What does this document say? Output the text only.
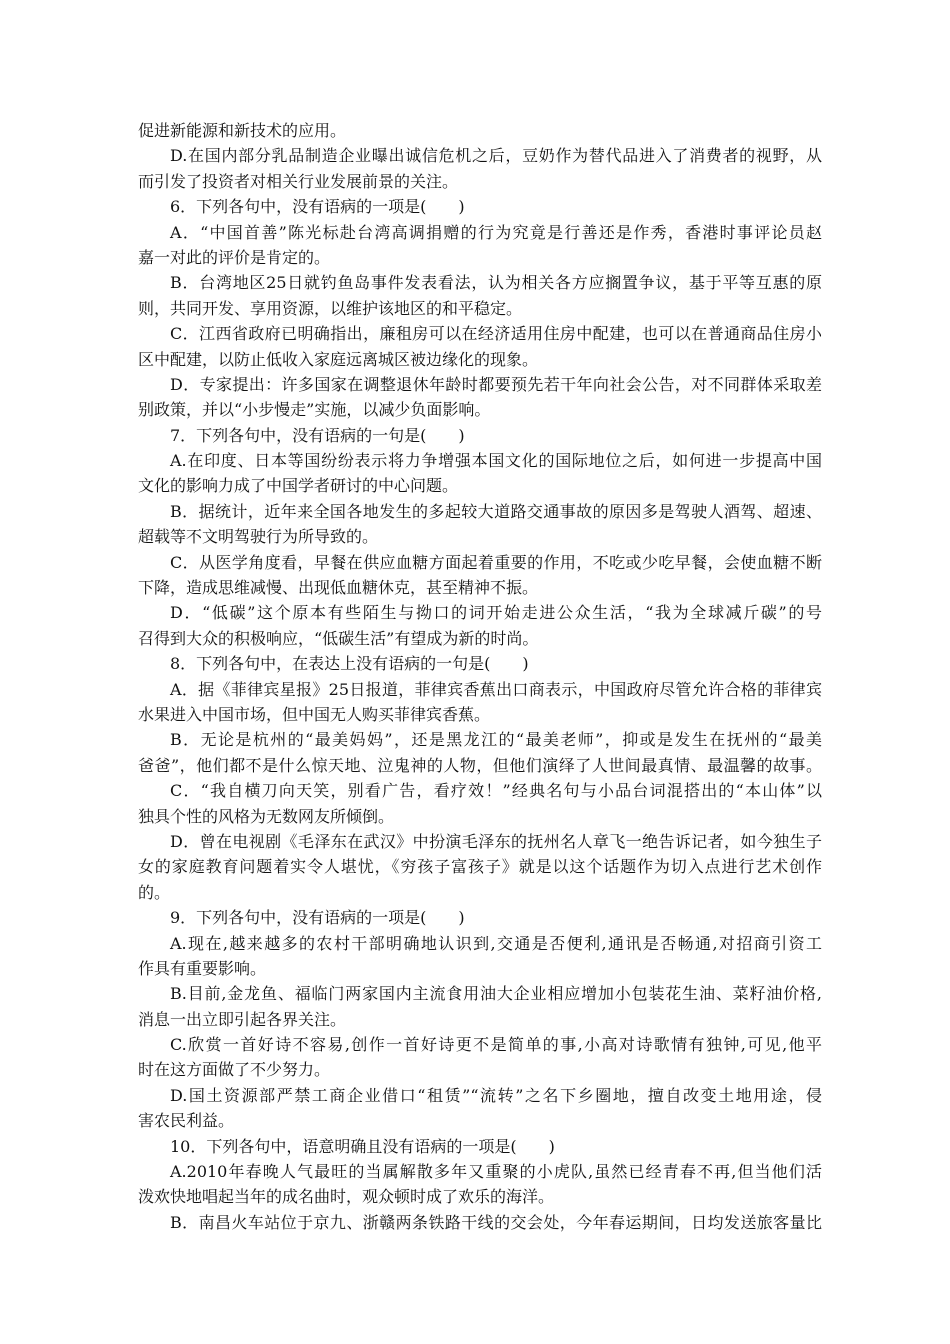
促进新能源和新技术的应用。
D.在国内部分乳品制造企业曝出诚信危机之后，豆奶作为替代品进入了消费者的视野，从
而引发了投资者对相关行业发展前景的关注。
6．下列各句中，没有语病的一项是(　　)
A．“中国首善”陈光标赴台湾高调捐赠的行为究竟是行善还是作秀，香港时事评论员赵
嘉一对此的评价是肯定的。
B．台湾地区25日就钓鱼岛事件发表看法，认为相关各方应搁置争议，基于平等互惠的原
则，共同开发、享用资源，以维护该地区的和平稳定。
C．江西省政府已明确指出，廉租房可以在经济适用住房中配建，也可以在普通商品住房小
区中配建，以防止低收入家庭远离城区被边缘化的现象。
D．专家提出：许多国家在调整退休年龄时都要预先若干年向社会公告，对不同群体采取差
别政策，并以“小步慢走”实施，以减少负面影响。
7．下列各句中，没有语病的一句是(　　)
A.在印度、日本等国纷纷表示将力争增强本国文化的国际地位之后，如何进一步提高中国
文化的影响力成了中国学者研讨的中心问题。
B．据统计，近年来全国各地发生的多起较大道路交通事故的原因多是驾驶人酒驾、超速、
超载等不文明驾驶行为所导致的。
C．从医学角度看，早餐在供应血糖方面起着重要的作用，不吃或少吃早餐，会使血糖不断
下降，造成思维减慢、出现低血糖休克，甚至精神不振。
D．“低碳”这个原本有些陌生与拗口的词开始走进公众生活，“我为全球减斤碳”的号
召得到大众的积极响应，“低碳生活”有望成为新的时尚。
8．下列各句中，在表达上没有语病的一句是(　　)
A．据《菲律宾星报》25日报道，菲律宾香蕉出口商表示，中国政府尽管允许合格的菲律宾
水果进入中国市场，但中国无人购买菲律宾香蕉。
B．无论是杭州的“最美妈妈”，还是黑龙江的“最美老师”，抑或是发生在抚州的“最美
爸爸”，他们都不是什么惊天地、泣鬼神的人物，但他们演绎了人世间最真情、最温馨的故事。
C．“我自横刀向天笑，别看广告，看疗效！”经典名句与小品台词混搭出的“本山体”以
独具个性的风格为无数网友所倾倒。
D．曾在电视剧《毛泽东在武汉》中扮演毛泽东的抚州名人章飞一绝告诉记者，如今独生子
女的家庭教育问题着实令人堪忧，《穷孩子富孩子》就是以这个话题作为切入点进行艺术创作
的。
9．下列各句中，没有语病的一项是(　　)
A.现在,越来越多的农村干部明确地认识到,交通是否便利,通讯是否畅通,对招商引资工
作具有重要影响。
B.目前,金龙鱼、福临门两家国内主流食用油大企业相应增加小包装花生油、菜籽油价格,
消息一出立即引起各界关注。
C.欣赏一首好诗不容易,创作一首好诗更不是简单的事,小高对诗歌情有独钟,可见,他平
时在这方面做了不少努力。
D.国土资源部严禁工商企业借口“租赁”“流转”之名下乡圈地，擅自改变土地用途，侵
害农民利益。
10．下列各句中，语意明确且没有语病的一项是(　　)
A.2010年春晚人气最旺的当属解散多年又重聚的小虎队,虽然已经青春不再,但当他们活
泼欢快地唱起当年的成名曲时，观众顿时成了欢乐的海洋。
B．南昌火车站位于京九、浙赣两条铁路干线的交会处，今年春运期间，日均发送旅客量比
